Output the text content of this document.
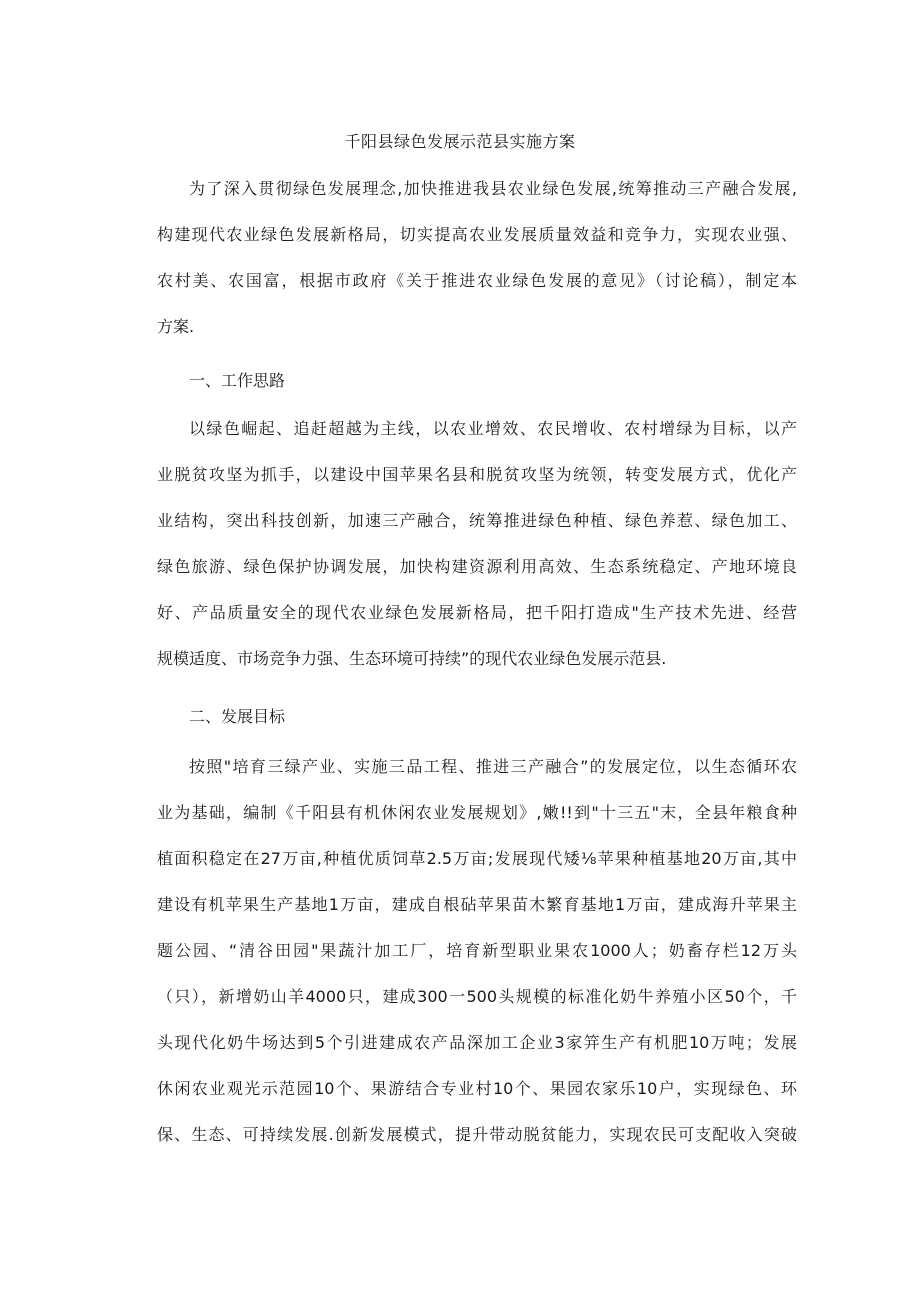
千阳县绿色发展示范县实施方案
为了深入贯彻绿色发展理念,加快推进我县农业绿色发展,统筹推动三产融合发展,
构建现代农业绿色发展新格局，切实提高农业发展质量效益和竞争力，实现农业强、
农村美、农国富，根据市政府《关于推进农业绿色发展的意见》（讨论稿），制定本
方案.
一、工作思路
以绿色崛起、追赶超越为主线，以农业增效、农民增收、农村增绿为目标，以产
业脱贫攻坚为抓手，以建设中国苹果名县和脱贫攻坚为统领，转变发展方式，优化产
业结构，突出科技创新，加速三产融合，统筹推进绿色种植、绿色养惹、绿色加工、
绿色旅游、绿色保护协调发展，加快构建资源利用高效、生态系统稳定、产地环境良
好、产品质量安全的现代农业绿色发展新格局，把千阳打造成"生产技术先进、经营
规模适度、市场竞争力强、生态环境可持续”的现代农业绿色发展示范县.
二、发展目标
按照"培育三绿产业、实施三品工程、推进三产融合”的发展定位，以生态循环农
业为基础，编制《千阳县有机休闲农业发展规划》,嫩!!到"十三五"末，全县年粮食种
植面积稳定在27万亩,种植优质饲草2.5万亩;发展现代矮⅛苹果种植基地20万亩,其中
建设有机苹果生产基地1万亩，建成自根砧苹果苗木繁育基地1万亩，建成海升苹果主
题公园、“清谷田园"果蔬汁加工厂，培育新型职业果农1000人；奶畜存栏12万头
（只），新增奶山羊4000只，建成300一500头规模的标准化奶牛养殖小区50个，千
头现代化奶牛场达到5个引进建成农产品深加工企业3家笄生产有机肥10万吨；发展
休闲农业观光示范园10个、果游结合专业村10个、果园农家乐10户，实现绿色、环
保、生态、可持续发展.创新发展模式，提升带动脱贫能力，实现农民可支配收入突破
